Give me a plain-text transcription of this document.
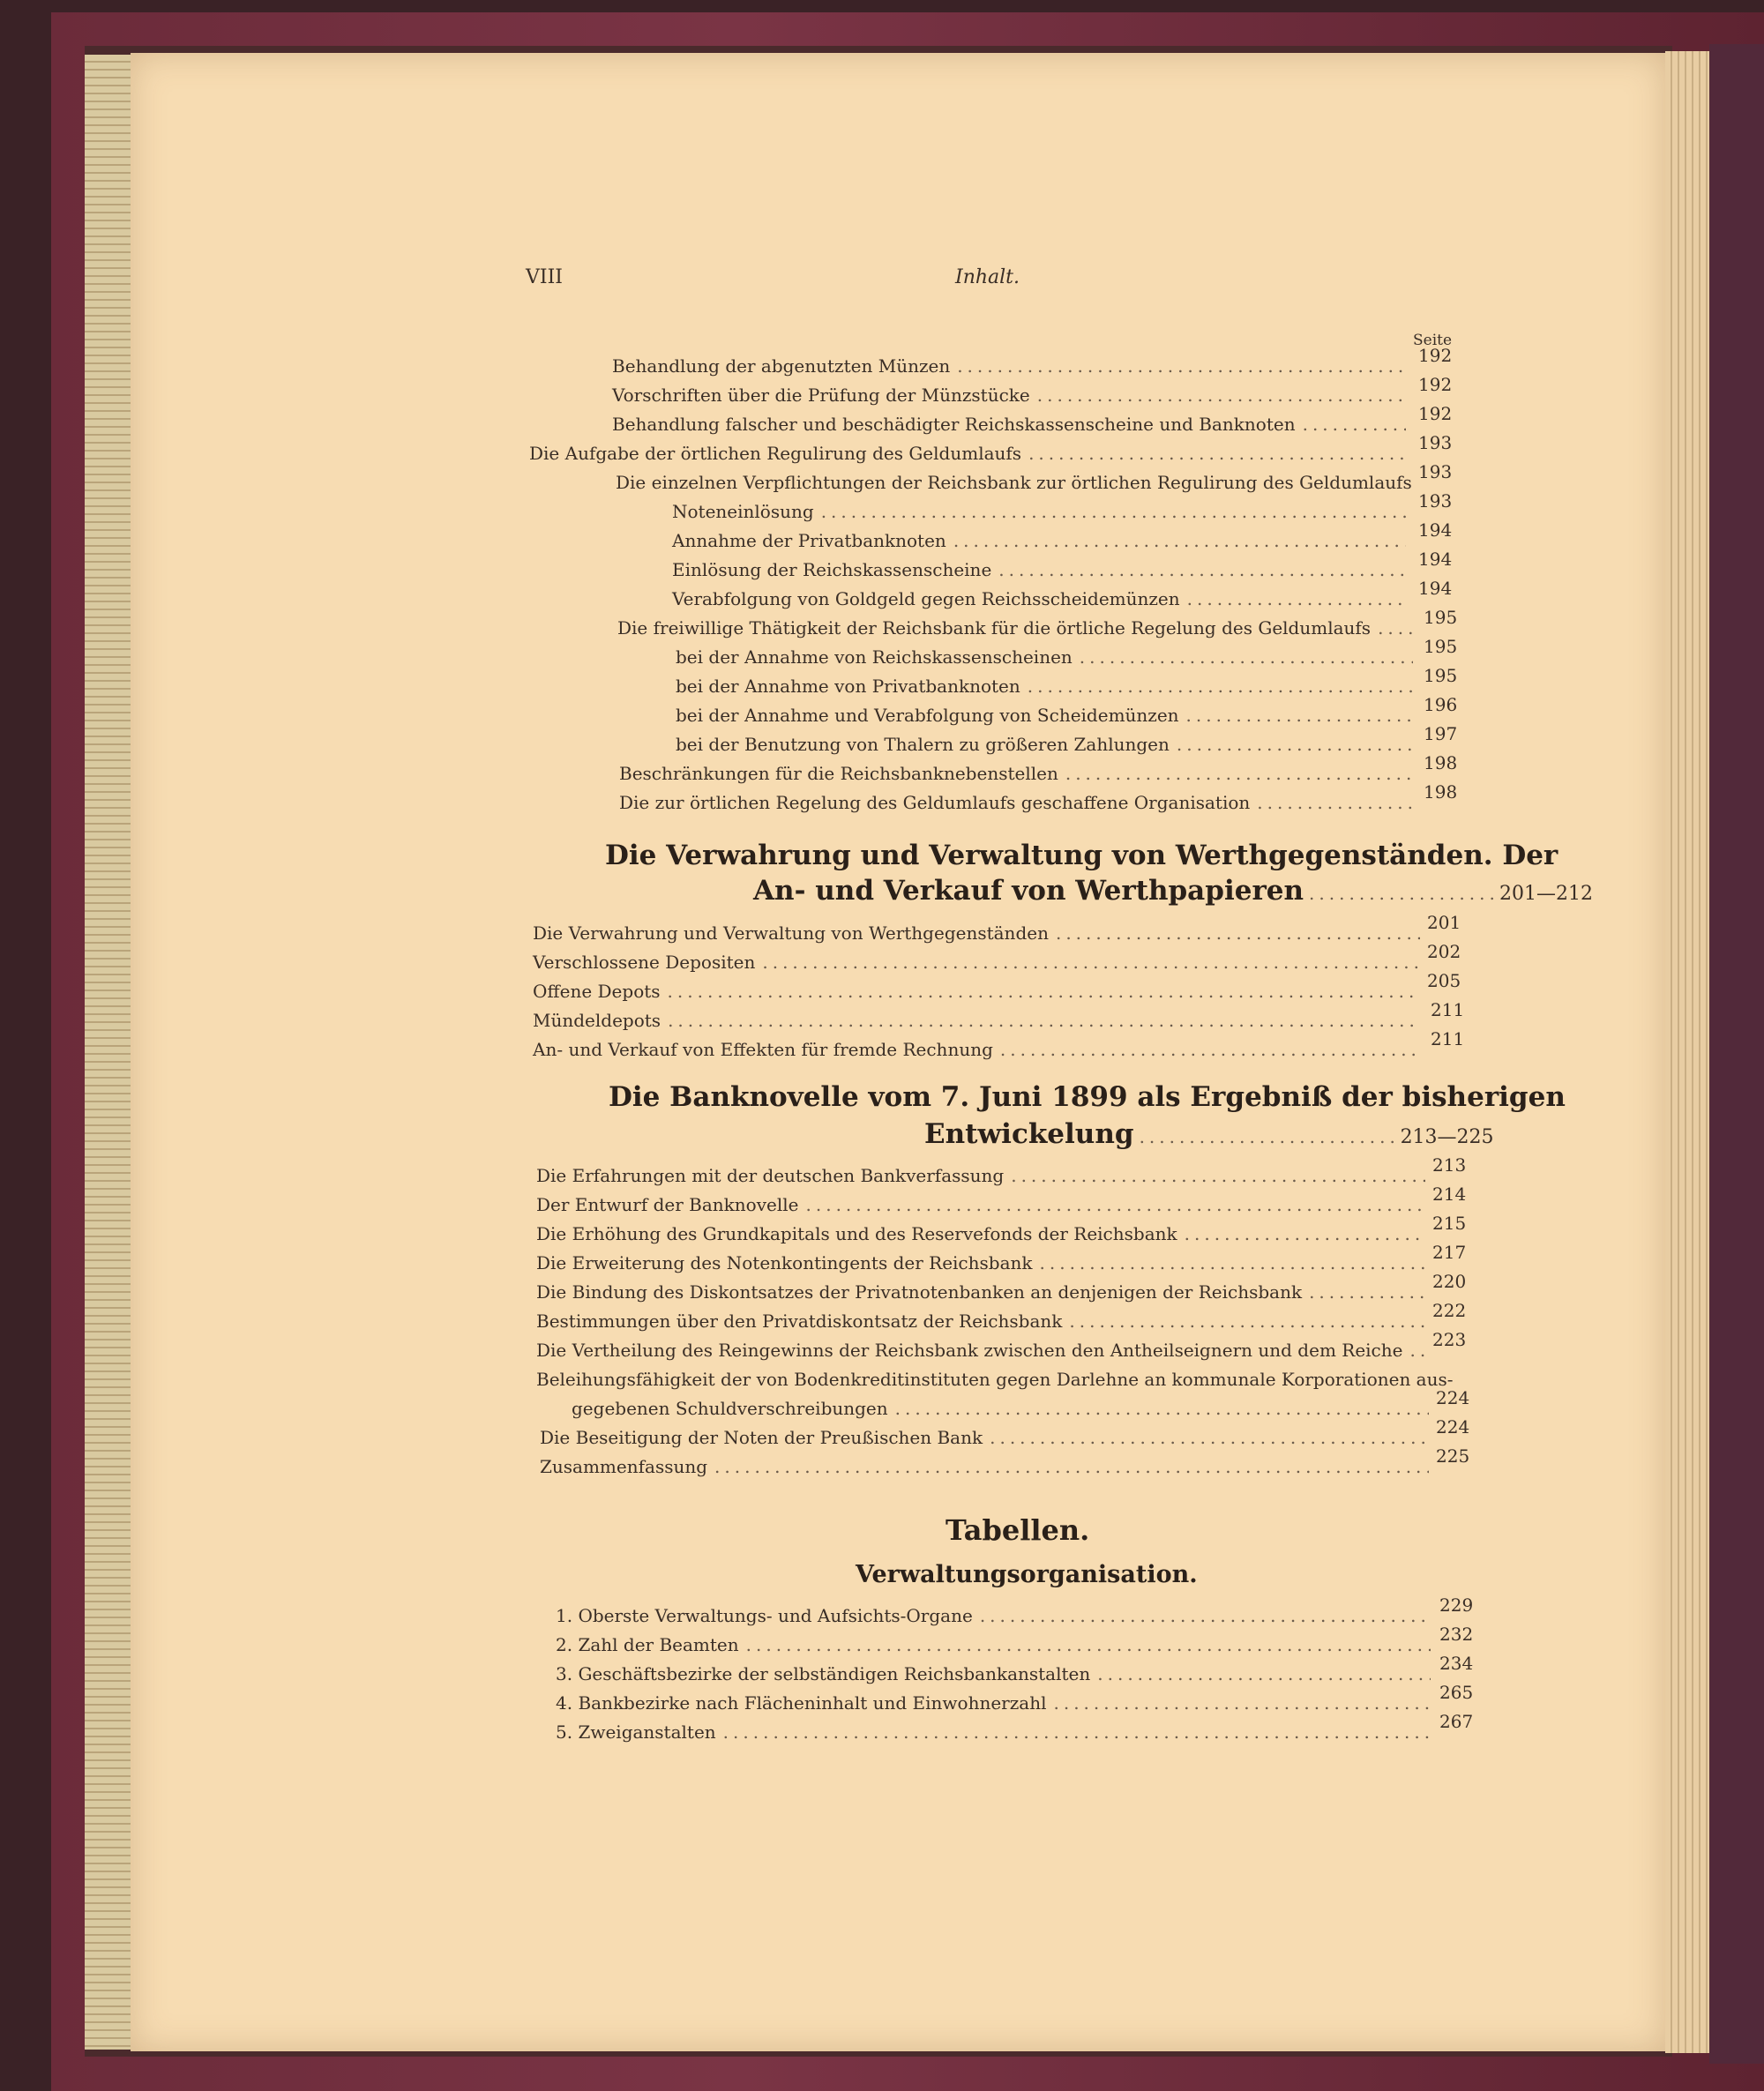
VIII	Inhalt.
Seite
Behandlung der abgenutzten Münzen .....	192
Vorschriften über die Prüfung der Münzstücke .....	192
Behandlung falscher und beschädigter Reichskassenscheine und Banknoten .....	192
Die Aufgabe der örtlichen Regulirung des Geldumlaufs .....	193
Die einzelnen Verpflichtungen der Reichsbank zur örtlichen Regulirung des Geldumlaufs 193
Noteneinlösung .....	193
Annahme der Privatbanknoten .....	194
Einlösung der Reichskassenscheine .....	194
Verabfolgung von Goldgeld gegen Reichsscheidemünzen .....	194
Die freiwillige Thätigkeit der Reichsbank für die örtliche Regelung des Geldumlaufs .....	195
bei der Annahme von Reichskassenscheinen .....	195
bei der Annahme von Privatbanknoten .....	195
bei der Annahme und Verabfolgung von Scheidemünzen .....	196
bei der Benutzung von Thalern zu größeren Zahlungen .....	197
Beschränkungen für die Reichsbanknebenstellen .....	198
Die zur örtlichen Regelung des Geldumlaufs geschaffene Organisation .....	198
Die Verwahrung und Verwaltung von Werthgegenständen. Der
An- und Verkauf von Werthpapieren .....	201—212
Die Verwahrung und Verwaltung von Werthgegenständen .....	201
Verschlossene Depositen .....	202
Offene Depots .....	205
Mündeldepots .....	211
An- und Verkauf von Effekten für fremde Rechnung .....	211
Die Banknovelle vom 7. Juni 1899 als Ergebniß der bisherigen
Entwickelung .....	213—225
Die Erfahrungen mit der deutschen Bankverfassung .....	213
Der Entwurf der Banknovelle .....	214
Die Erhöhung des Grundkapitals und des Reservefonds der Reichsbank .....	215
Die Erweiterung des Notenkontingents der Reichsbank .....	217
Die Bindung des Diskontsatzes der Privatnotenbanken an denjenigen der Reichsbank .....	220
Bestimmungen über den Privatdiskontsatz der Reichsbank .....	222
Die Vertheilung des Reingewinns der Reichsbank zwischen den Antheilseignern und dem Reiche ..... 223
Beleihungsfähigkeit der von Bodenkreditinstituten gegen Darlehne an kommunale Korporationen aus-
gegebenen Schuldverschreibungen .....	224
Die Beseitigung der Noten der Preußischen Bank .....	224
Zusammenfassung .....	225
Tabellen.
Verwaltungsorganisation.
1. Oberste Verwaltungs- und Aufsichts-Organe .....	229
2. Zahl der Beamten .....	232
3. Geschäftsbezirke der selbständigen Reichsbankanstalten .....	234
4. Bankbezirke nach Flächeninhalt und Einwohnerzahl .....	265
5. Zweiganstalten .....	267
